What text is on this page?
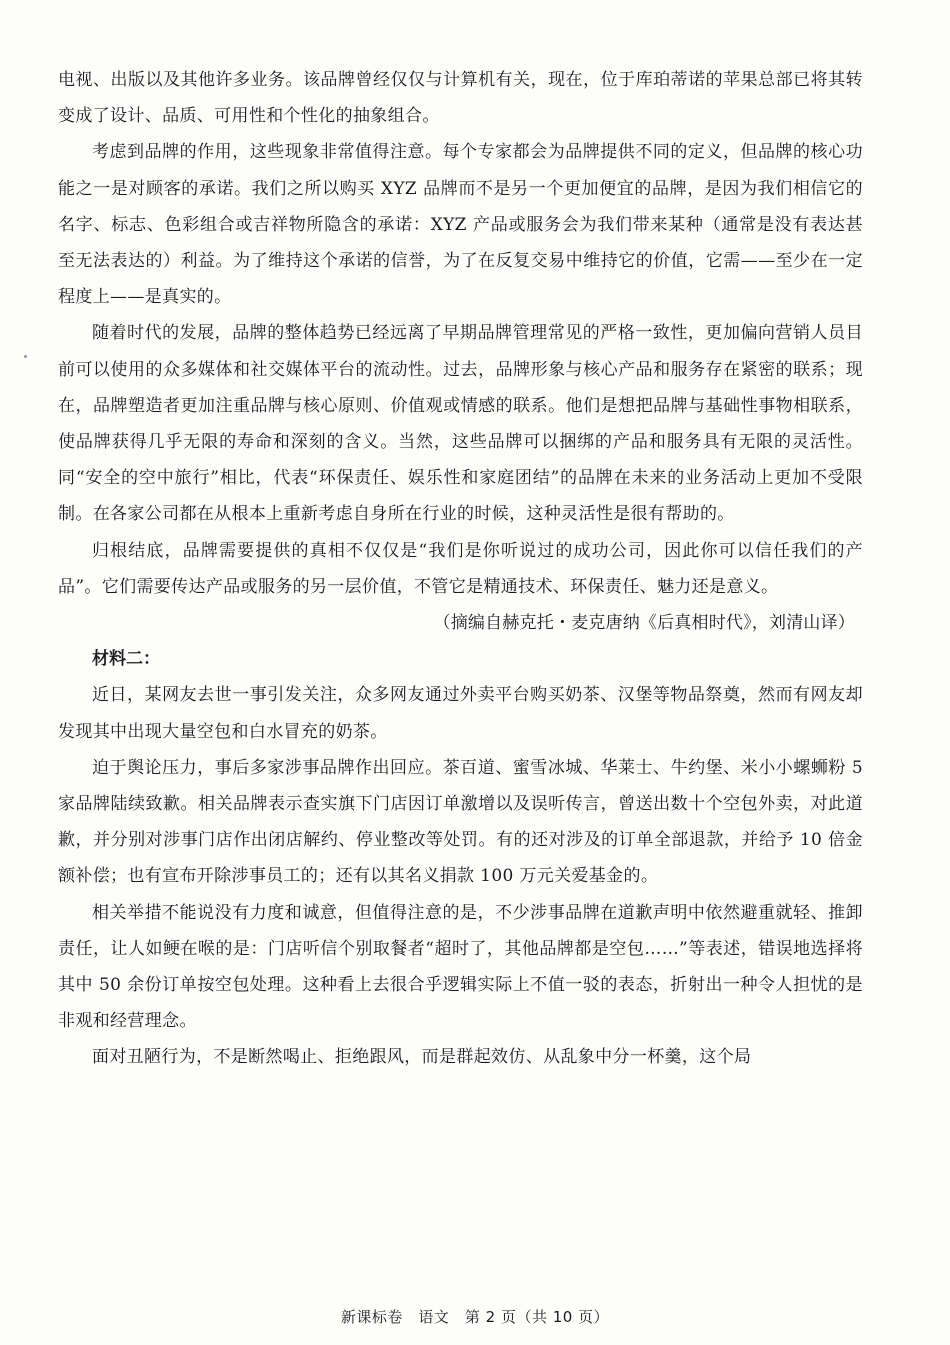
电视、出版以及其他许多业务。该品牌曾经仅仅与计算机有关，现在，位于库珀蒂诺的苹果总部已将其转变成了设计、品质、可用性和个性化的抽象组合。

考虑到品牌的作用，这些现象非常值得注意。每个专家都会为品牌提供不同的定义，但品牌的核心功能之一是对顾客的承诺。我们之所以购买 XYZ 品牌而不是另一个更加便宜的品牌，是因为我们相信它的名字、标志、色彩组合或吉祥物所隐含的承诺：XYZ 产品或服务会为我们带来某种（通常是没有表达甚至无法表达的）利益。为了维持这个承诺的信誉，为了在反复交易中维持它的价值，它需——至少在一定程度上——是真实的。

随着时代的发展，品牌的整体趋势已经远离了早期品牌管理常见的严格一致性，更加偏向营销人员目前可以使用的众多媒体和社交媒体平台的流动性。过去，品牌形象与核心产品和服务存在紧密的联系；现在，品牌塑造者更加注重品牌与核心原则、价值观或情感的联系。他们是想把品牌与基础性事物相联系，使品牌获得几乎无限的寿命和深刻的含义。当然，这些品牌可以捆绑的产品和服务具有无限的灵活性。同“安全的空中旅行”相比，代表“环保责任、娱乐性和家庭团结”的品牌在未来的业务活动上更加不受限制。在各家公司都在从根本上重新考虑自身所在行业的时候，这种灵活性是很有帮助的。

归根结底，品牌需要提供的真相不仅仅是“我们是你听说过的成功公司，因此你可以信任我们的产品”。它们需要传达产品或服务的另一层价值，不管它是精通技术、环保责任、魅力还是意义。

（摘编自赫克托・麦克唐纳《后真相时代》，刘清山译）

材料二：

近日，某网友去世一事引发关注，众多网友通过外卖平台购买奶茶、汉堡等物品祭奠，然而有网友却发现其中出现大量空包和白水冒充的奶茶。

迫于舆论压力，事后多家涉事品牌作出回应。茶百道、蜜雪冰城、华莱士、牛约堡、米小小螺蛳粉 5 家品牌陆续致歉。相关品牌表示查实旗下门店因订单激增以及误听传言，曾送出数十个空包外卖，对此道歉，并分别对涉事门店作出闭店解约、停业整改等处罚。有的还对涉及的订单全部退款，并给予 10 倍金额补偿；也有宣布开除涉事员工的；还有以其名义捐款 100 万元关爱基金的。

相关举措不能说没有力度和诚意，但值得注意的是，不少涉事品牌在道歉声明中依然避重就轻、推卸责任，让人如鲠在喉的是：门店听信个别取餐者“超时了，其他品牌都是空包……”等表述，错误地选择将其中 50 余份订单按空包处理。这种看上去很合乎逻辑实际上不值一驳的表态，折射出一种令人担忧的是非观和经营理念。

面对丑陋行为，不是断然喝止、拒绝跟风，而是群起效仿、从乱象中分一杯羹，这个局

新课标卷　语文　第 2 页（共 10 页）
